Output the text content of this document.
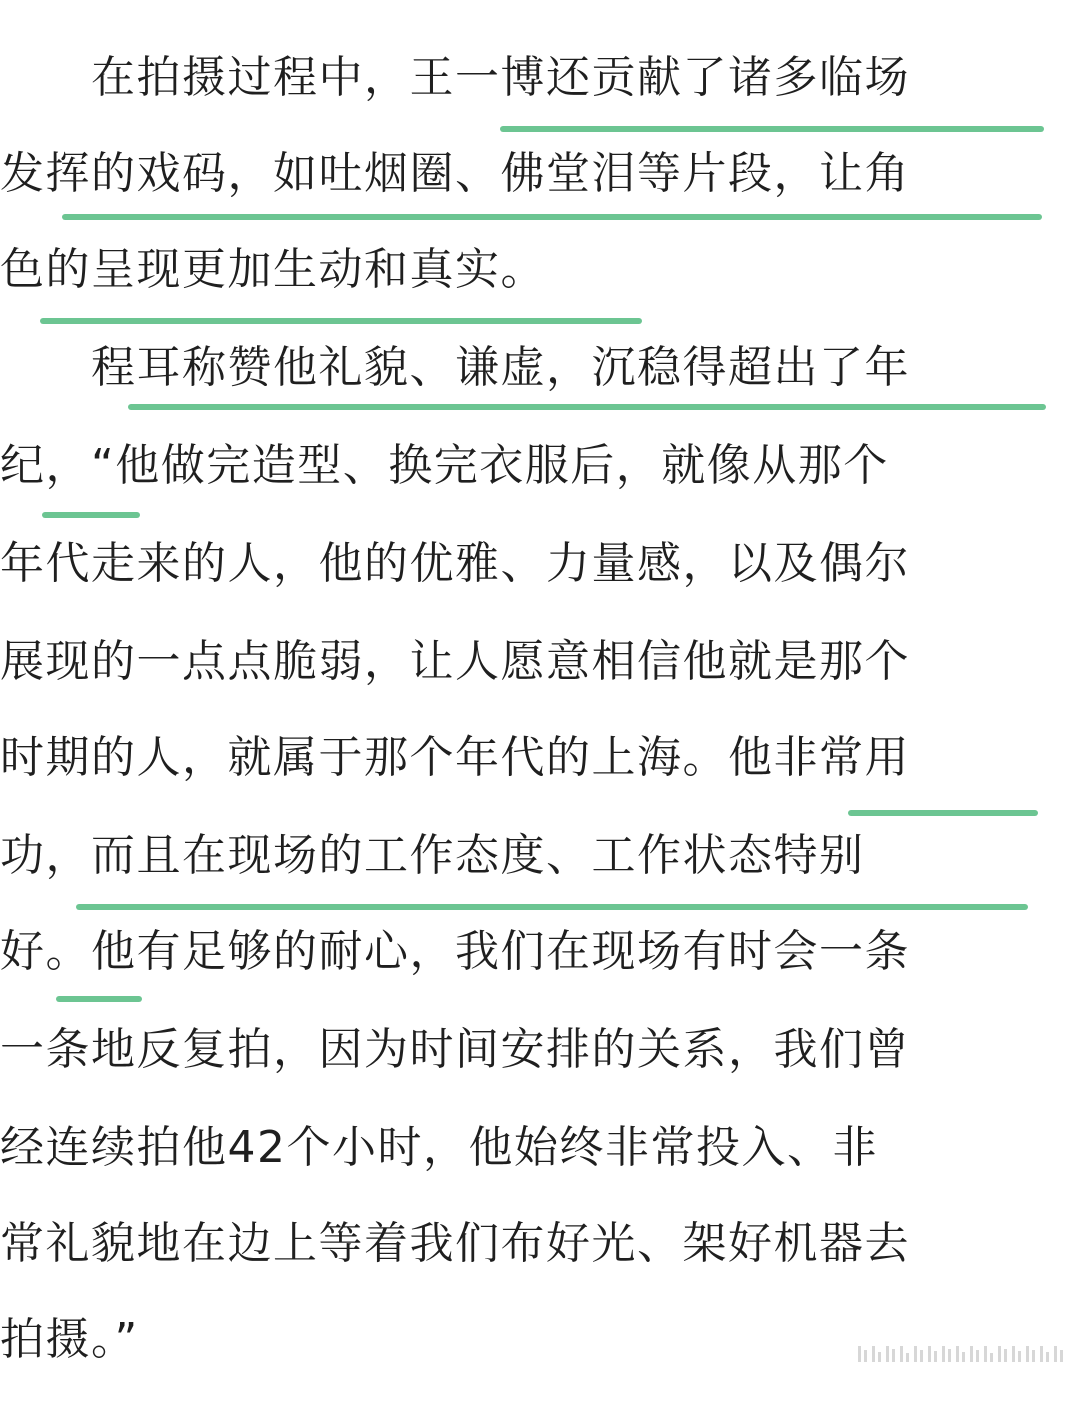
　　在拍摄过程中，王一博还贡献了诸多临场
发挥的戏码，如吐烟圈、佛堂泪等片段，让角
色的呈现更加生动和真实。
　　程耳称赞他礼貌、谦虚，沉稳得超出了年
纪，“他做完造型、换完衣服后，就像从那个
年代走来的人，他的优雅、力量感，以及偶尔
展现的一点点脆弱，让人愿意相信他就是那个
时期的人，就属于那个年代的上海。他非常用
功，而且在现场的工作态度、工作状态特别
好。他有足够的耐心，我们在现场有时会一条
一条地反复拍，因为时间安排的关系，我们曾
经连续拍他42个小时，他始终非常投入、非
常礼貌地在边上等着我们布好光、架好机器去
拍摄。”
